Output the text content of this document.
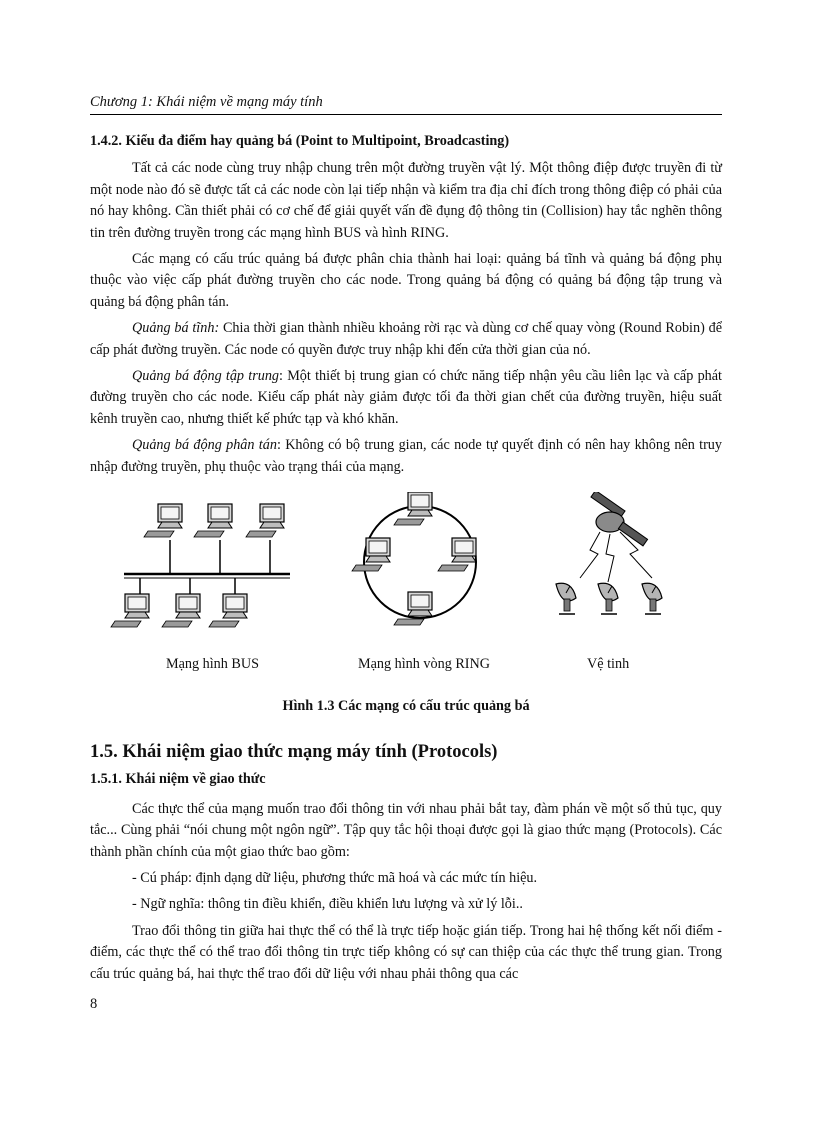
Chương 1: Khái niệm về mạng máy tính
1.4.2. Kiểu đa điểm hay quảng bá (Point to Multipoint, Broadcasting)

Tất cả các node cùng truy nhập chung trên một đường truyền vật lý. Một thông điệp được truyền đi từ một node nào đó sẽ được tất cả các node còn lại tiếp nhận và kiểm tra địa chỉ đích trong thông điệp có phải của nó hay không. Cần thiết phải có cơ chế để giải quyết vấn đề đụng độ thông tin (Collision) hay tắc nghẽn thông tin trên đường truyền trong các mạng hình BUS và hình RING.

Các mạng có cấu trúc quảng bá được phân chia thành hai loại: quảng bá tĩnh và quảng bá động phụ thuộc vào việc cấp phát đường truyền cho các node. Trong quảng bá động có quảng bá động tập trung và quảng bá động phân tán.

Quảng bá tĩnh: Chia thời gian thành nhiều khoảng rời rạc và dùng cơ chế quay vòng (Round Robin) để cấp phát đường truyền. Các node có quyền được truy nhập khi đến cửa thời gian của nó.

Quảng bá động tập trung: Một thiết bị trung gian có chức năng tiếp nhận yêu cầu liên lạc và cấp phát đường truyền cho các node. Kiểu cấp phát này giảm được tối đa thời gian chết của đường truyền, hiệu suất kênh truyền cao, nhưng thiết kế phức tạp và khó khăn.

Quảng bá động phân tán: Không có bộ trung gian, các node tự quyết định có nên hay không nên truy nhập đường truyền, phụ thuộc vào trạng thái của mạng.

Mạng hình BUS	Mạng hình vòng RING	Vệ tinh
Hình 1.3 Các mạng có cấu trúc quảng bá
1.5. Khái niệm giao thức mạng máy tính (Protocols)
1.5.1. Khái niệm về giao thức

Các thực thể của mạng muốn trao đổi thông tin với nhau phải bắt tay, đàm phán về một số thủ tục, quy tắc... Cùng phải “nói chung một ngôn ngữ”. Tập quy tắc hội thoại được gọi là giao thức mạng (Protocols). Các thành phần chính của một giao thức bao gồm:

- Cú pháp: định dạng dữ liệu, phương thức mã hoá và các mức tín hiệu.

- Ngữ nghĩa: thông tin điều khiển, điều khiển lưu lượng và xử lý lỗi..

Trao đổi thông tin giữa hai thực thể có thể là trực tiếp hoặc gián tiếp. Trong hai hệ thống kết nối điểm - điểm, các thực thể có thể trao đổi thông tin trực tiếp không có sự can thiệp của các thực thể trung gian. Trong cấu trúc quảng bá, hai thực thể trao đổi dữ liệu với nhau phải thông qua các

8
